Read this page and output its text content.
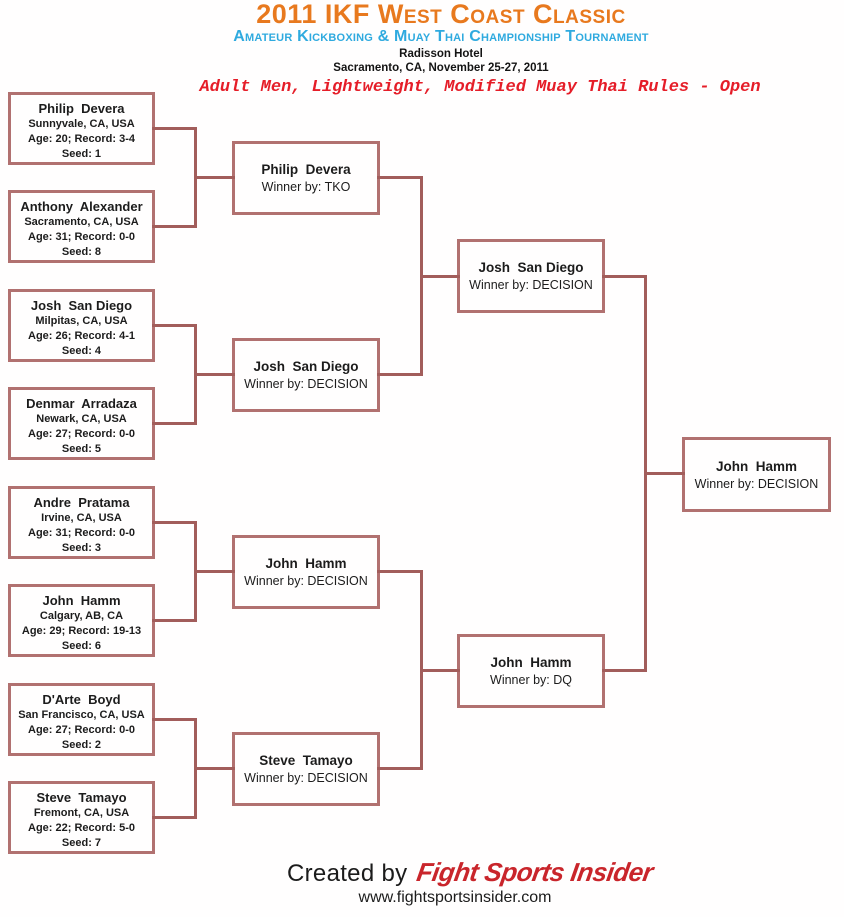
2011 IKF West Coast Classic
Amateur Kickboxing & Muay Thai Championship Tournament
Radisson Hotel
Sacramento, CA, November 25-27, 2011
Adult Men, Lightweight, Modified Muay Thai Rules - Open
Philip  Devera
Sunnyvale, CA, USA
Age: 20; Record: 3-4
Seed: 1
Anthony  Alexander
Sacramento, CA, USA
Age: 31; Record: 0-0
Seed: 8
Josh  San Diego
Milpitas, CA, USA
Age: 26; Record: 4-1
Seed: 4
Denmar  Arradaza
Newark, CA, USA
Age: 27; Record: 0-0
Seed: 5
Andre  Pratama
Irvine, CA, USA
Age: 31; Record: 0-0
Seed: 3
John  Hamm
Calgary, AB, CA
Age: 29; Record: 19-13
Seed: 6
D'Arte  Boyd
San Francisco, CA, USA
Age: 27; Record: 0-0
Seed: 2
Steve  Tamayo
Fremont, CA, USA
Age: 22; Record: 5-0
Seed: 7
Philip  Devera
Winner by: TKO
Josh  San Diego
Winner by: DECISION
John  Hamm
Winner by: DECISION
Steve  Tamayo
Winner by: DECISION
Josh  San Diego
Winner by: DECISION
John  Hamm
Winner by: DQ
John  Hamm
Winner by: DECISION
Created by Fight Sports Insider
www.fightsportsinsider.com
